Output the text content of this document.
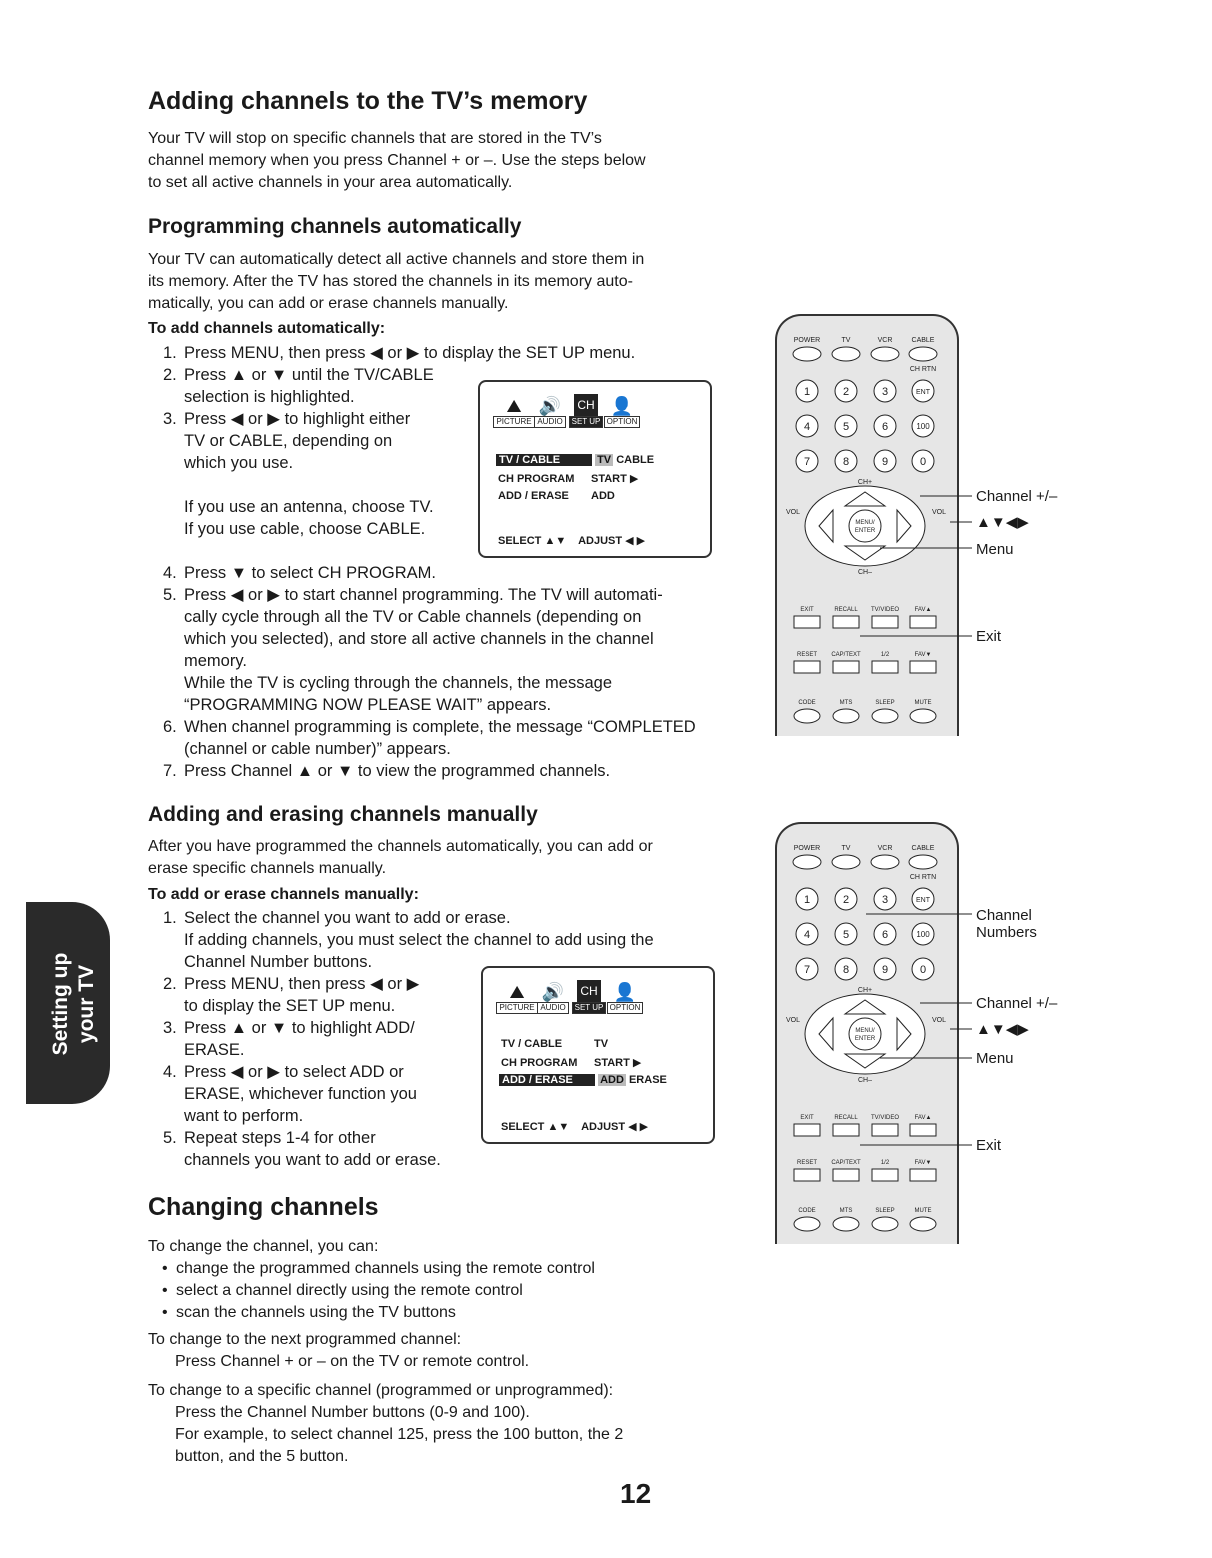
Adding channels to the TV’s memory
Your TV will stop on specific channels that are stored in the TV’s
channel memory when you press Channel + or –. Use the steps below
to set all active channels in your area automatically.
Programming channels automatically
Your TV can automatically detect all active channels and store them in
its memory. After the TV has stored the channels in its memory auto-
matically, you can add or erase channels manually.
To add channels automatically:
1. Press MENU, then press ◀ or ▶ to display the SET UP menu.
2. Press ▲ or ▼ until the TV/CABLE
selection is highlighted.
3. Press ◀ or ▶ to highlight either
TV or CABLE, depending on
which you use.
If you use an antenna, choose TV.
If you use cable, choose CABLE.
4. Press ▼ to select CH PROGRAM.
5. Press ◀ or ▶ to start channel programming. The TV will automati-
cally cycle through all the TV or Cable channels (depending on
which you selected), and store all active channels in the channel
memory.
While the TV is cycling through the channels, the message
“PROGRAMMING NOW PLEASE WAIT” appears.
6. When channel programming is complete, the message “COMPLETED
(channel or cable number)” appears.
7. Press Channel ▲ or ▼ to view the programmed channels.
⛰
PICTURE
🔊
AUDIO
CH
SET UP
👤
OPTION
TV / CABLE	TV CABLE
CH PROGRAM START ▶
ADD / ERASE ADD
SELECT ▲▼ ADJUST ◀ ▶
Adding and erasing channels manually
After you have programmed the channels automatically, you can add or
erase specific channels manually.
To add or erase channels manually:
1. Select the channel you want to add or erase.
If adding channels, you must select the channel to add using the
Channel Number buttons.
2. Press MENU, then press ◀ or ▶
to display the SET UP menu.
3. Press ▲ or ▼ to highlight ADD/
ERASE.
4. Press ◀ or ▶ to select ADD or
ERASE, whichever function you
want to perform.
5. Repeat steps 1-4 for other
channels you want to add or erase.
⛰
PICTURE
🔊
AUDIO
CH
SET UP
👤
OPTION
TV / CABLE	TV
CH PROGRAM START ▶
ADD / ERASE ADD ERASE
SELECT ▲▼ ADJUST ◀ ▶
Changing channels
To change the channel, you can:
• change the programmed channels using the remote control
• select a channel directly using the remote control
• scan the channels using the TV buttons
To change to the next programmed channel:
Press Channel + or – on the TV or remote control.
To change to a specific channel (programmed or unprogrammed):
Press the Channel Number buttons (0-9 and 100).
For example, to select channel 125, press the 100 button, the 2
button, and the 5 button.
POWER	TV	VCR	CABLE
CH RTN
1	2	3	ENT
4	5	6	100
7	8	9	0
CH+
MENU/
ENTER
VOL	VOL
CH–
EXIT	RECALL TV/VIDEO	FAV▲
RESET CAP/TEXT	1/2	FAV▼
CODE	MTS	SLEEP	MUTE
Channel +/–
▲▼◀▶
Menu
Exit
POWER	TV	VCR	CABLE
CH RTN
1	2	3	ENT
4	5	6	100
7	8	9	0
CH+
MENU/
ENTER
VOL	VOL
CH–
EXIT	RECALL TV/VIDEO	FAV▲
RESET CAP/TEXT	1/2	FAV▼
CODE	MTS	SLEEP	MUTE
Channel
Numbers
Channel +/–
▲▼◀▶
Menu
Exit
Setting up
your TV
12
